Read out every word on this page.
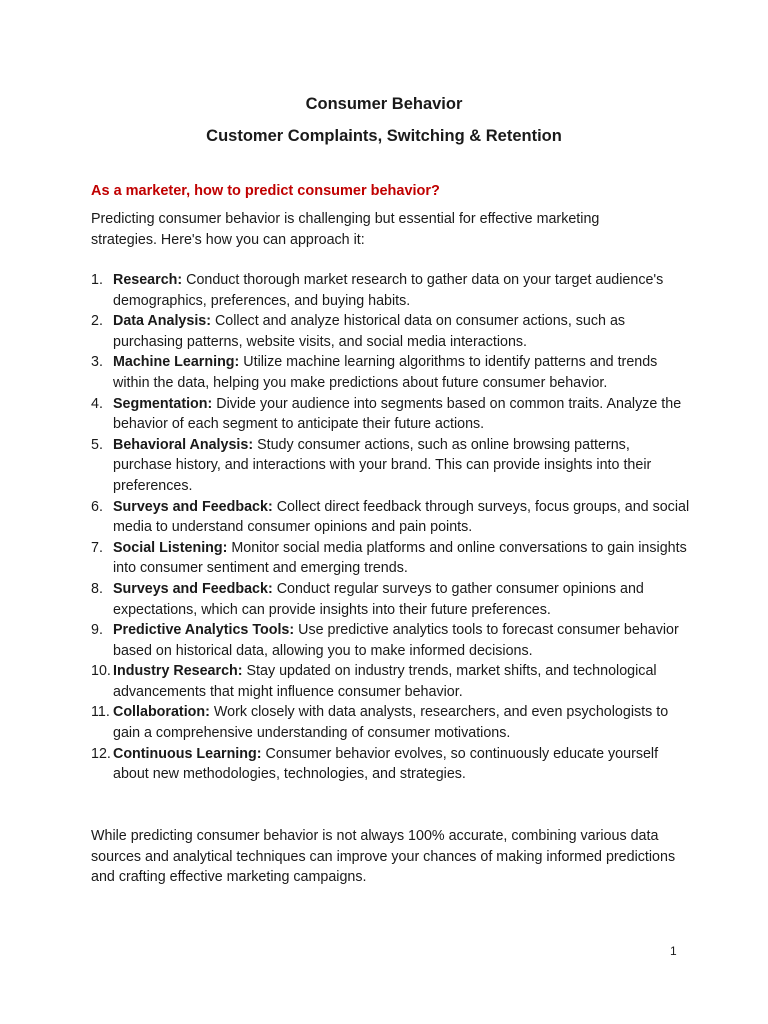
Consumer Behavior
Customer Complaints, Switching & Retention
As a marketer, how to predict consumer behavior?
Predicting consumer behavior is challenging but essential for effective marketing strategies. Here's how you can approach it:
1. Research: Conduct thorough market research to gather data on your target audience's demographics, preferences, and buying habits.
2. Data Analysis: Collect and analyze historical data on consumer actions, such as purchasing patterns, website visits, and social media interactions.
3. Machine Learning: Utilize machine learning algorithms to identify patterns and trends within the data, helping you make predictions about future consumer behavior.
4. Segmentation: Divide your audience into segments based on common traits. Analyze the behavior of each segment to anticipate their future actions.
5. Behavioral Analysis: Study consumer actions, such as online browsing patterns, purchase history, and interactions with your brand. This can provide insights into their preferences.
6. Surveys and Feedback: Collect direct feedback through surveys, focus groups, and social media to understand consumer opinions and pain points.
7. Social Listening: Monitor social media platforms and online conversations to gain insights into consumer sentiment and emerging trends.
8. Surveys and Feedback: Conduct regular surveys to gather consumer opinions and expectations, which can provide insights into their future preferences.
9. Predictive Analytics Tools: Use predictive analytics tools to forecast consumer behavior based on historical data, allowing you to make informed decisions.
10. Industry Research: Stay updated on industry trends, market shifts, and technological advancements that might influence consumer behavior.
11. Collaboration: Work closely with data analysts, researchers, and even psychologists to gain a comprehensive understanding of consumer motivations.
12. Continuous Learning: Consumer behavior evolves, so continuously educate yourself about new methodologies, technologies, and strategies.
While predicting consumer behavior is not always 100% accurate, combining various data sources and analytical techniques can improve your chances of making informed predictions and crafting effective marketing campaigns.
1
